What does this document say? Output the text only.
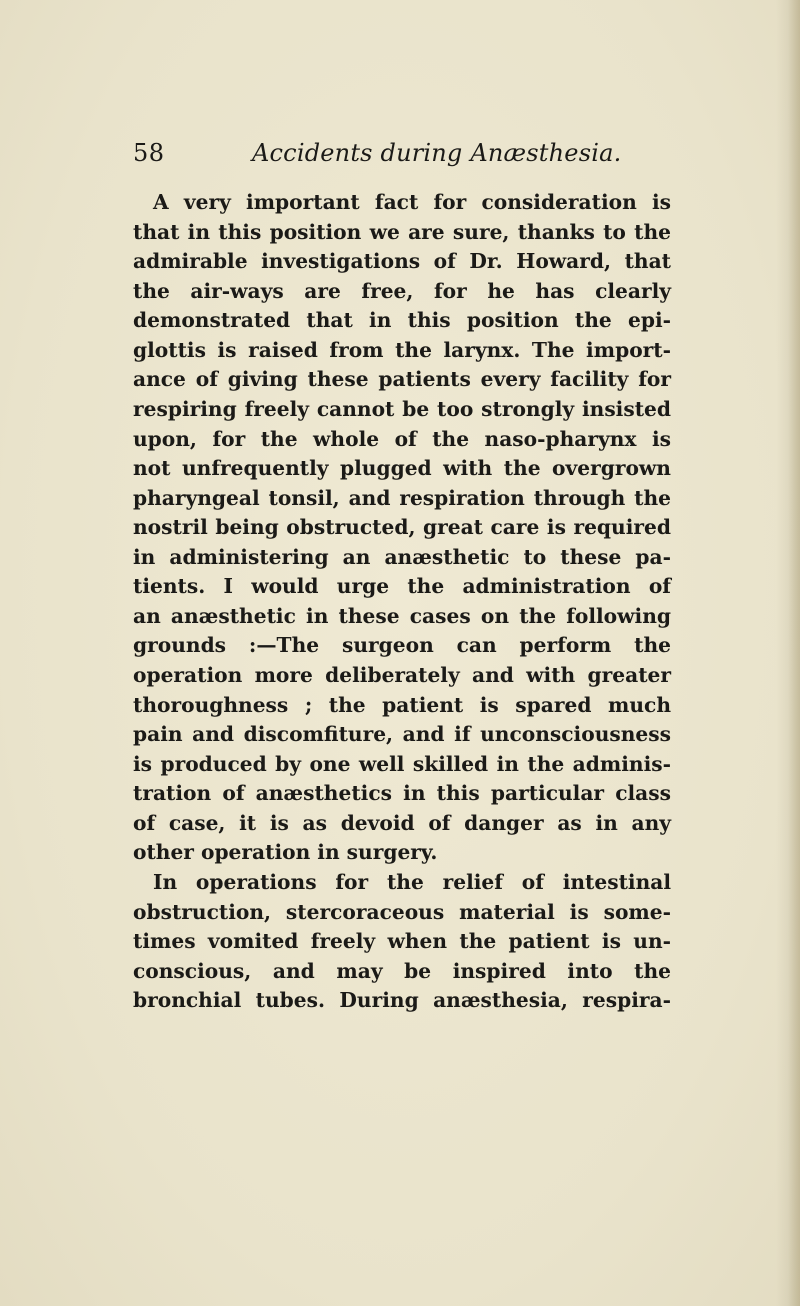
58	Accidents during Anæsthesia.
A very important fact for consideration is
that in this position we are sure, thanks to the
admirable investigations of Dr. Howard, that
the air-ways are free, for he has clearly
demonstrated that in this position the epi-
glottis is raised from the larynx. The import-
ance of giving these patients every facility for
respiring freely cannot be too strongly insisted
upon, for the whole of the naso-pharynx is
not unfrequently plugged with the overgrown
pharyngeal tonsil, and respiration through the
nostril being obstructed, great care is required
in administering an anæsthetic to these pa-
tients. I would urge the administration of
an anæsthetic in these cases on the following
grounds :—The surgeon can perform the
operation more deliberately and with greater
thoroughness ; the patient is spared much
pain and discomfiture, and if unconsciousness
is produced by one well skilled in the adminis-
tration of anæsthetics in this particular class
of case, it is as devoid of danger as in any
other operation in surgery.
In operations for the relief of intestinal
obstruction, stercoraceous material is some-
times vomited freely when the patient is un-
conscious, and may be inspired into the
bronchial tubes. During anæsthesia, respira-
